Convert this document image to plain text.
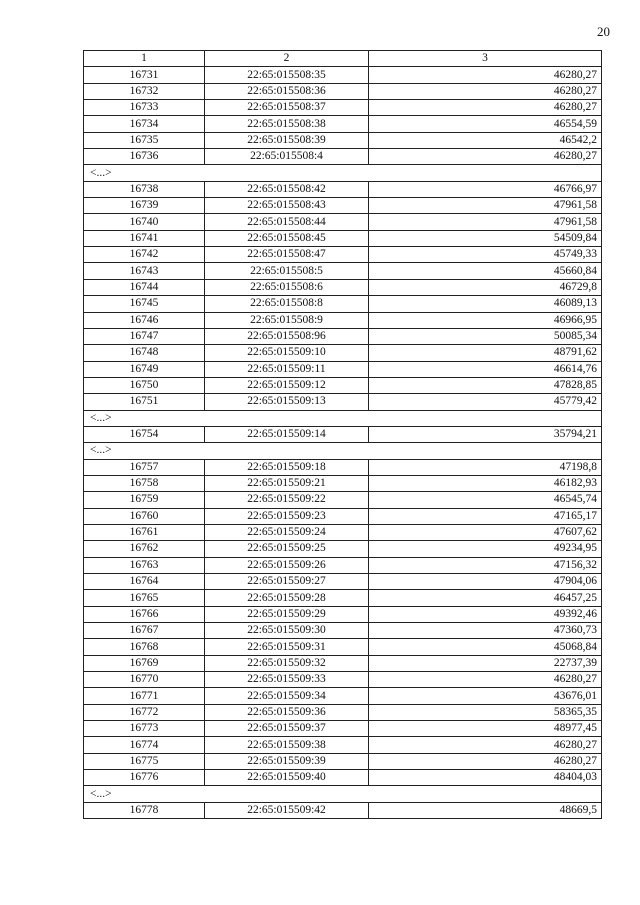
20
1	2	3
16731	22:65:015508:35	46280,27
16732	22:65:015508:36	46280,27
16733	22:65:015508:37	46280,27
16734	22:65:015508:38	46554,59
16735	22:65:015508:39	46542,2
16736	22:65:015508:4	46280,27
<...>		
16738	22:65:015508:42	46766,97
16739	22:65:015508:43	47961,58
16740	22:65:015508:44	47961,58
16741	22:65:015508:45	54509,84
16742	22:65:015508:47	45749,33
16743	22:65:015508:5	45660,84
16744	22:65:015508:6	46729,8
16745	22:65:015508:8	46089,13
16746	22:65:015508:9	46966,95
16747	22:65:015508:96	50085,34
16748	22:65:015509:10	48791,62
16749	22:65:015509:11	46614,76
16750	22:65:015509:12	47828,85
16751	22:65:015509:13	45779,42
<...>		
16754	22:65:015509:14	35794,21
<...>		
16757	22:65:015509:18	47198,8
16758	22:65:015509:21	46182,93
16759	22:65:015509:22	46545,74
16760	22:65:015509:23	47165,17
16761	22:65:015509:24	47607,62
16762	22:65:015509:25	49234,95
16763	22:65:015509:26	47156,32
16764	22:65:015509:27	47904,06
16765	22:65:015509:28	46457,25
16766	22:65:015509:29	49392,46
16767	22:65:015509:30	47360,73
16768	22:65:015509:31	45068,84
16769	22:65:015509:32	22737,39
16770	22:65:015509:33	46280,27
16771	22:65:015509:34	43676,01
16772	22:65:015509:36	58365,35
16773	22:65:015509:37	48977,45
16774	22:65:015509:38	46280,27
16775	22:65:015509:39	46280,27
16776	22:65:015509:40	48404,03
<...>		
16778	22:65:015509:42	48669,5
